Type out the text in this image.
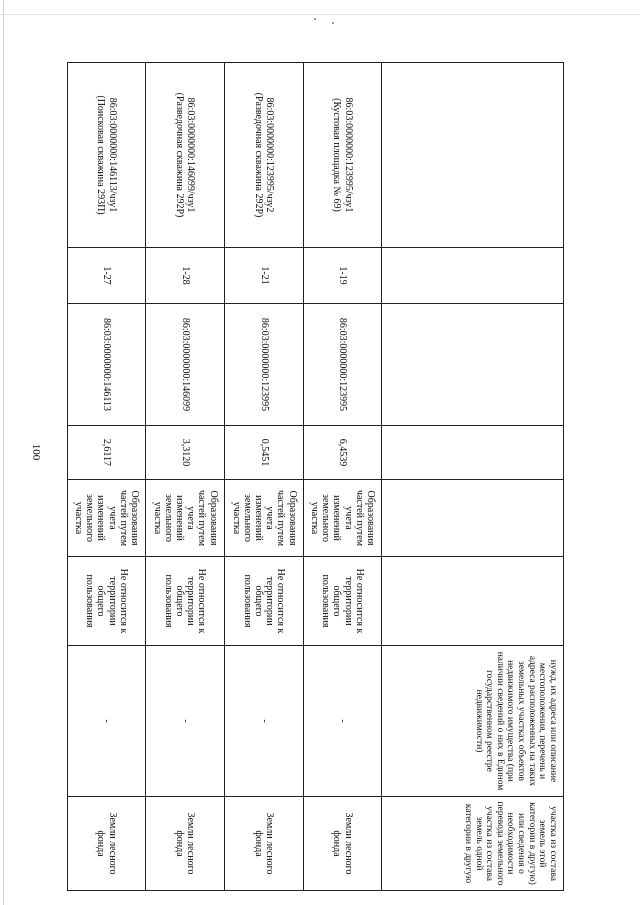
100
						нужд, их адреса или описание местоположения, перечень и адреса расположенных на таких земельных участках объектов недвижимого имущества (при наличии сведений о них в Едином государственном реестре недвижимости)	участка из состава земель этой категории в другую) или сведения о необходимости перевода земельного участка из состава земель одной категории в другую
86:03:0000000:123995/чзу1
(Кустовая площадка № 69)	1-19	86:03:0000000:123995	6,4539	Образования частей путем учета изменений земельного участка	Не относится к территории общего пользования	-	Земли лесного фонда
86:03:0000000:123995/чзу2
(Разведочная скважина 292Р)	1-21	86:03:0000000:123995	0,5451	Образования частей путем учета изменений земельного участка	Не относится к территории общего пользования	-	Земли лесного фонда
86:03:0000000:146099/чзу1
(Разведочная скважина 292Р)	1-28	86:03:0000000:146099	3,3120	Образования частей путем учета изменений земельного участка	Не относится к территории общего пользования	-	Земли лесного фонда
86:03:0000000:146113/чзу1
(Поисковая скважина 293П)	1-27	86:03:0000000:146113	2,6117	Образования частей путем учета изменений земельного участка	Не относится к территории общего пользования	-	Земли лесного фонда
